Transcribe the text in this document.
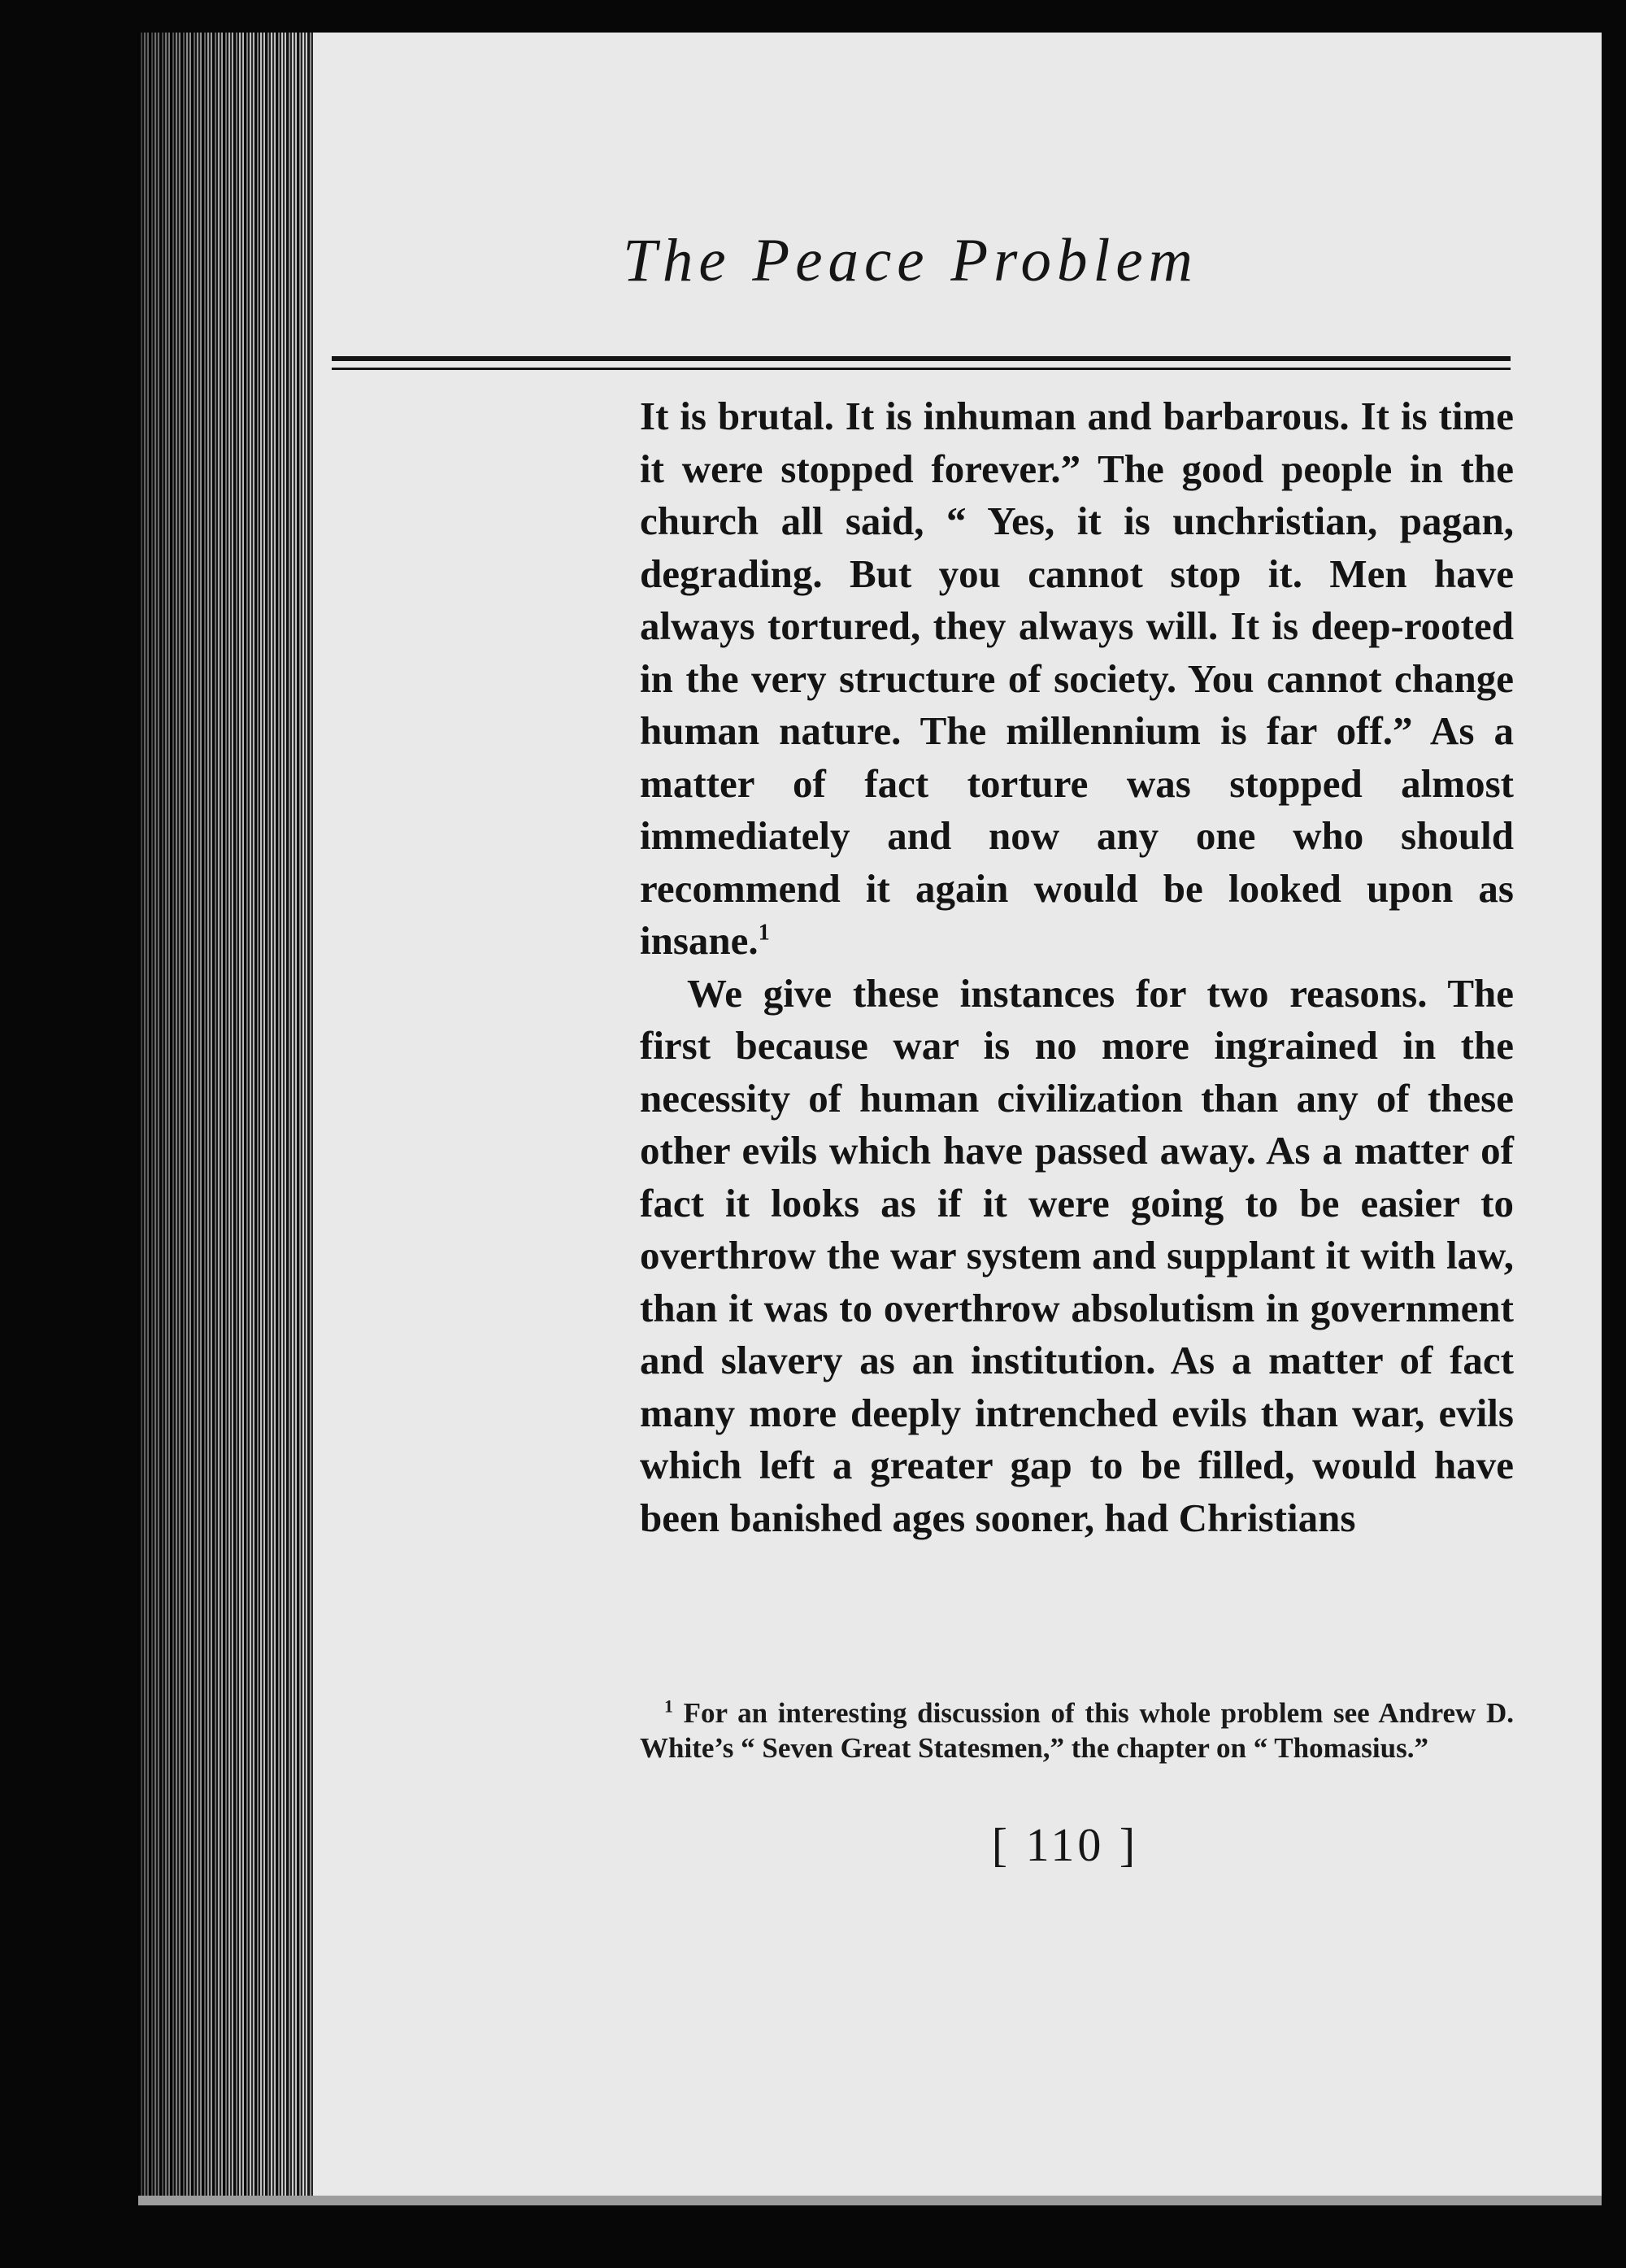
The Peace Problem

It is brutal. It is inhuman and barbarous. It is time it were stopped forever.” The good people in the church all said, “ Yes, it is unchristian, pagan, degrading. But you cannot stop it. Men have always tortured, they always will. It is deep-rooted in the very structure of society. You cannot change human nature. The millennium is far off.” As a matter of fact torture was stopped almost immediately and now any one who should recommend it again would be looked upon as insane.$^1$

We give these instances for two reasons. The first because war is no more ingrained in the necessity of human civilization than any of these other evils which have passed away. As a matter of fact it looks as if it were going to be easier to overthrow the war system and supplant it with law, than it was to overthrow absolutism in government and slavery as an institution. As a matter of fact many more deeply intrenched evils than war, evils which left a greater gap to be filled, would have been banished ages sooner, had Christians

$^1$ For an interesting discussion of this whole problem see Andrew D. White’s “ Seven Great Statesmen,” the chapter on “ Thomasius.”

[ 110 ]
